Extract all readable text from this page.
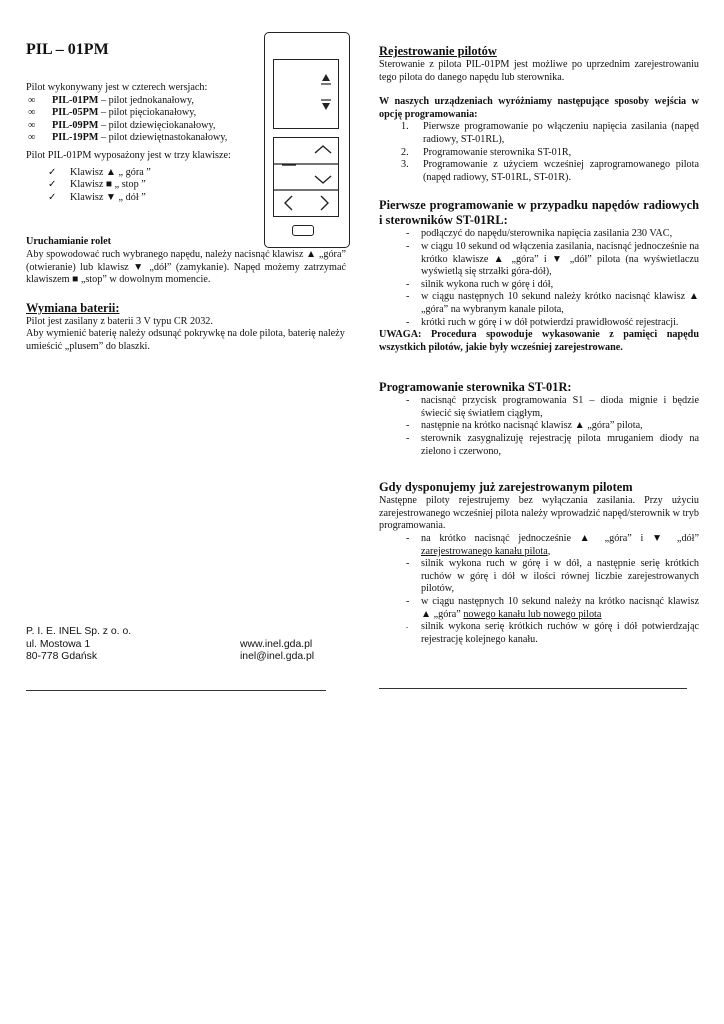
PIL – 01PM

Pilot wykonywany jest w czterech wersjach:

∞ PIL-01PM – pilot jednokanałowy,
∞ PIL-05PM – pilot pięciokanałowy,
∞ PIL-09PM – pilot dziewięciokanałowy,
∞ PIL-19PM – pilot dziewiętnastokanałowy,

Pilot PIL-01PM wyposażony jest w trzy klawisze:

✓ Klawisz ▲ „ góra ”
✓ Klawisz ■ „ stop ”
✓ Klawisz ▼ „ dół ”

Uruchamianie rolet

Aby spowodować ruch wybranego napędu, należy nacisnąć klawisz ▲ „góra” (otwieranie) lub klawisz ▼ „dół” (zamykanie). Napęd możemy zatrzymać klawiszem ■ „stop” w dowolnym momencie.

Wymiana baterii:

Pilot jest zasilany z baterii 3 V typu CR 2032.

Aby wymienić baterię należy odsunąć pokrywkę na dole pilota, baterię należy umieścić „plusem” do blaszki.

P. I. E. INEL Sp. z o. o.
ul. Mostowa 1	www.inel.gda.pl
80-778 Gdańsk	inel@inel.gda.pl

Rejestrowanie pilotów

Sterowanie z pilota PIL-01PM jest możliwe po uprzednim zarejestrowaniu tego pilota do danego napędu lub sterownika.

W naszych urządzeniach wyróżniamy następujące sposoby wejścia w opcję programowania:

1. Pierwsze programowanie po włączeniu napięcia zasilania (napęd radiowy, ST-01RL),
2. Programowanie sterownika ST-01R,
3. Programowanie z użyciem wcześniej zaprogramowanego pilota (napęd radiowy, ST-01RL, ST-01R).

Pierwsze programowanie w przypadku napędów radiowych i sterowników ST-01RL:

- podłączyć do napędu/sterownika napięcia zasilania 230 VAC,
- w ciągu 10 sekund od włączenia zasilania, nacisnąć jednocześnie na krótko klawisze ▲ „góra” i ▼ „dół” pilota (na wyświetlaczu wyświetlą się strzałki góra-dół),
- silnik wykona ruch w górę i dół,
- w ciągu następnych 10 sekund należy krótko nacisnąć klawisz ▲ „góra” na wybranym kanale pilota,
- krótki ruch w górę i w dół potwierdzi prawidłowość rejestracji.

UWAGA: Procedura spowoduje wykasowanie z pamięci napędu wszystkich pilotów, jakie były wcześniej zarejestrowane.

Programowanie sterownika ST-01R:

- nacisnąć przycisk programowania S1 – dioda mignie i będzie świecić się światłem ciągłym,
- następnie na krótko nacisnąć klawisz ▲ „góra” pilota,
- sterownik zasygnalizuję rejestrację pilota mruganiem diody na zielono i czerwono,

Gdy dysponujemy już zarejestrowanym pilotem

Następne piloty rejestrujemy bez wyłączania zasilania. Przy użyciu zarejestrowanego wcześniej pilota należy wprowadzić napęd/sterownik w tryb programowania.

- na krótko nacisnąć jednocześnie ▲ „góra” i ▼ „dół” zarejestrowanego kanału pilota,
- silnik wykona ruch w górę i w dół, a następnie serię krótkich ruchów w górę i dół w ilości równej liczbie zarejestrowanych pilotów,
- w ciągu następnych 10 sekund należy na krótko nacisnąć klawisz ▲ „góra” nowego kanału lub nowego pilota
- silnik wykona serię krótkich ruchów w górę i dół potwierdzając rejestrację kolejnego kanału.
